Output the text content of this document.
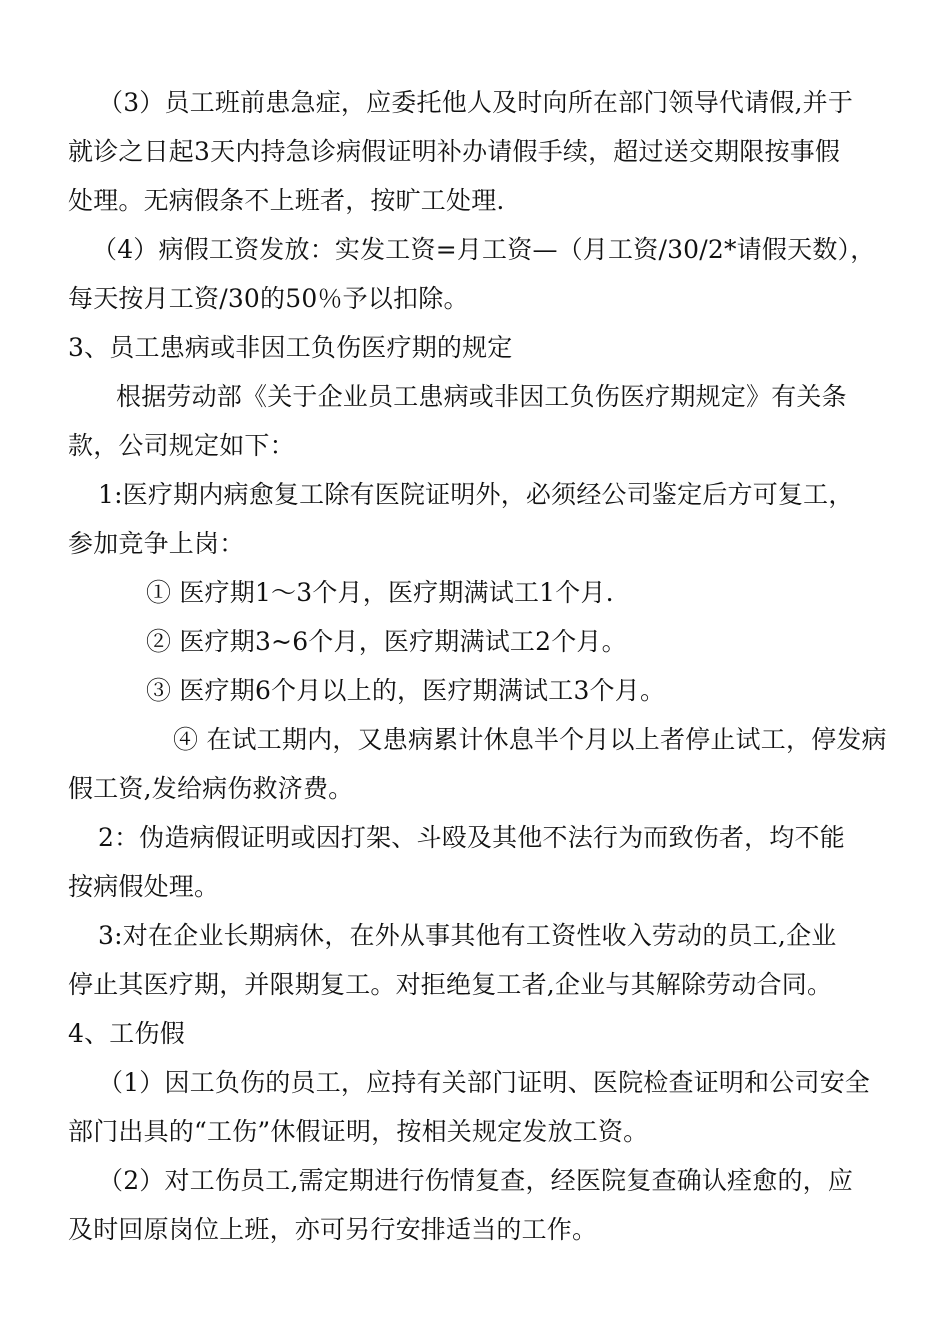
（3）员工班前患急症，应委托他人及时向所在部门领导代请假,并于
就诊之日起3天内持急诊病假证明补办请假手续，超过送交期限按事假
处理。无病假条不上班者，按旷工处理.
（4）病假工资发放：实发工资=月工资—（月工资/30/2*请假天数），
每天按月工资/30的50％予以扣除。
3、员工患病或非因工负伤医疗期的规定
根据劳动部《关于企业员工患病或非因工负伤医疗期规定》有关条
款，公司规定如下：
1:医疗期内病愈复工除有医院证明外，必须经公司鉴定后方可复工，
参加竞争上岗：
① 医疗期1～3个月，医疗期满试工1个月.
② 医疗期3~6个月，医疗期满试工2个月。
③ 医疗期6个月以上的，医疗期满试工3个月。
④ 在试工期内，又患病累计休息半个月以上者停止试工，停发病
假工资,发给病伤救济费。
2：伪造病假证明或因打架、斗殴及其他不法行为而致伤者，均不能
按病假处理。
3:对在企业长期病休，在外从事其他有工资性收入劳动的员工,企业
停止其医疗期，并限期复工。对拒绝复工者,企业与其解除劳动合同。
4、工伤假
（1）因工负伤的员工，应持有关部门证明、医院检查证明和公司安全
部门出具的“工伤”休假证明，按相关规定发放工资。
（2）对工伤员工,需定期进行伤情复查，经医院复查确认痊愈的，应
及时回原岗位上班，亦可另行安排适当的工作。
